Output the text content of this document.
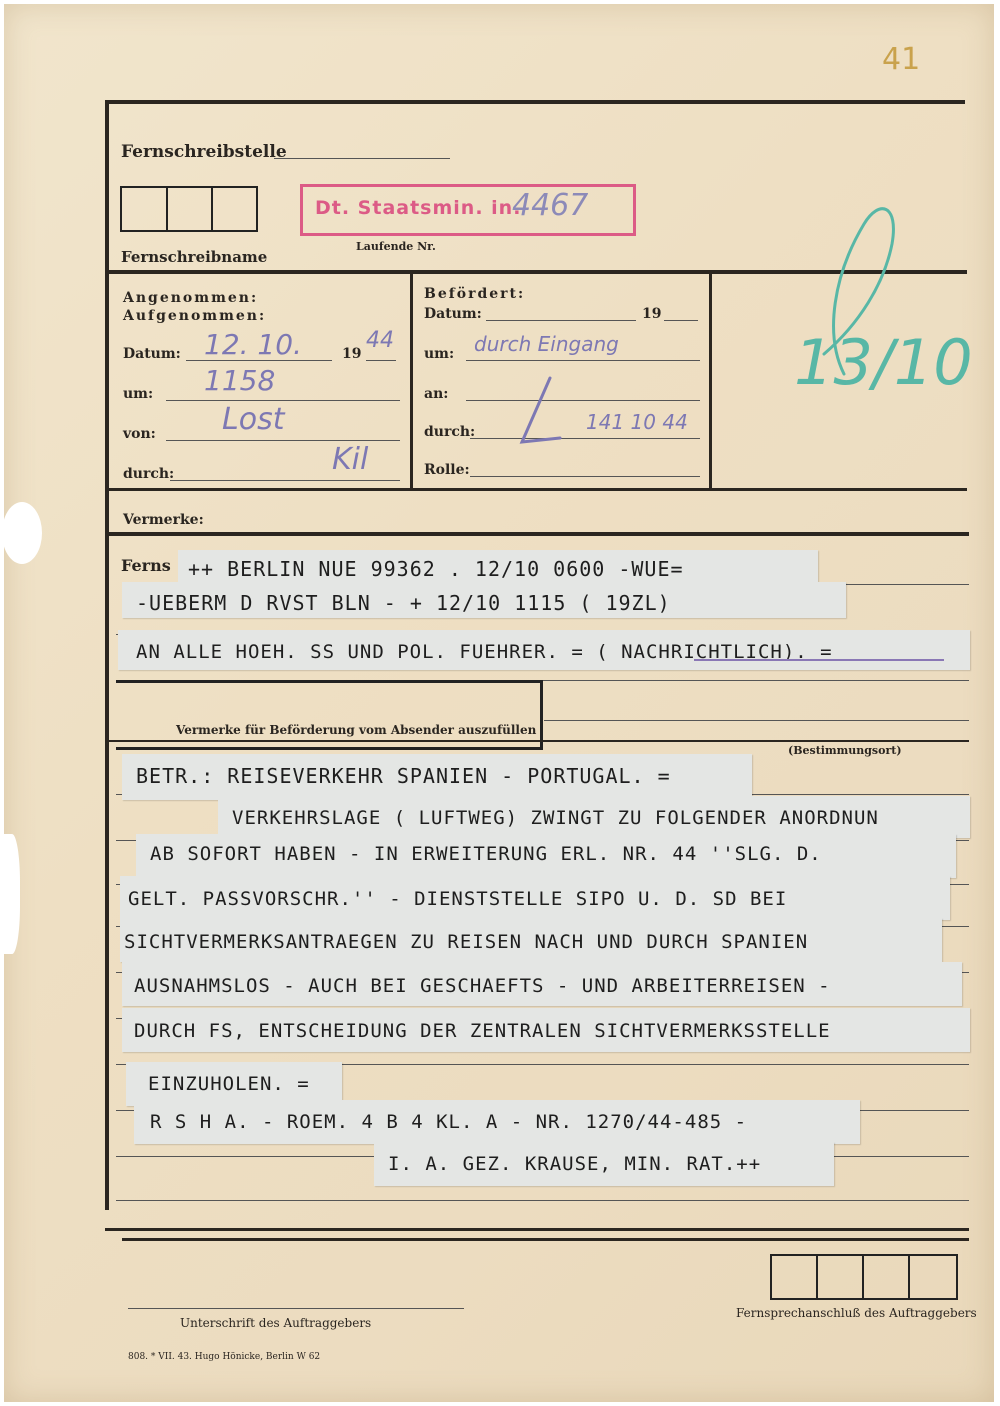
41
Fernschreibstelle
Fernschreibname
Dt. Staatsmin. in.
4467
Laufende Nr.
Angenommen:
Aufgenommen:
Datum: 12. 10.	19
44
um: 1158
von: Lost
durch:	Kil
Befördert:
Datum:	19
um: durch Eingang
an:
durch:	141 10 44
Rolle:
13/10
Vermerke:
Ferns ++ BERLIN NUE 99362 . 12/10 0600 -WUE=
-UEBERM D RVST BLN - + 12/10 1115 ( 19ZL)
AN ALLE HOEH. SS UND POL. FUEHRER. = ( NACHRICHTLICH). =
Vermerke für Beförderung vom Absender auszufüllen
(Bestimmungsort)
BETR.: REISEVERKEHR SPANIEN - PORTUGAL. =
VERKEHRSLAGE ( LUFTWEG) ZWINGT ZU FOLGENDER ANORDNUN
AB SOFORT HABEN - IN ERWEITERUNG ERL. NR. 44 ''SLG. D.
GELT. PASSVORSCHR.'' - DIENSTSTELLE SIPO U. D. SD BEI
SICHTVERMERKSANTRAEGEN ZU REISEN NACH UND DURCH SPANIEN
AUSNAHMSLOS - AUCH BEI GESCHAEFTS - UND ARBEITERREISEN -
DURCH FS, ENTSCHEIDUNG DER ZENTRALEN SICHTVERMERKSSTELLE
EINZUHOLEN. =
R S H A. - ROEM. 4 B 4 KL. A - NR. 1270/44-485 -
I. A. GEZ. KRAUSE, MIN. RAT.++
Unterschrift des Auftraggebers
Fernsprechanschluß des Auftraggebers
808. * VII. 43. Hugo Hönicke, Berlin W 62
